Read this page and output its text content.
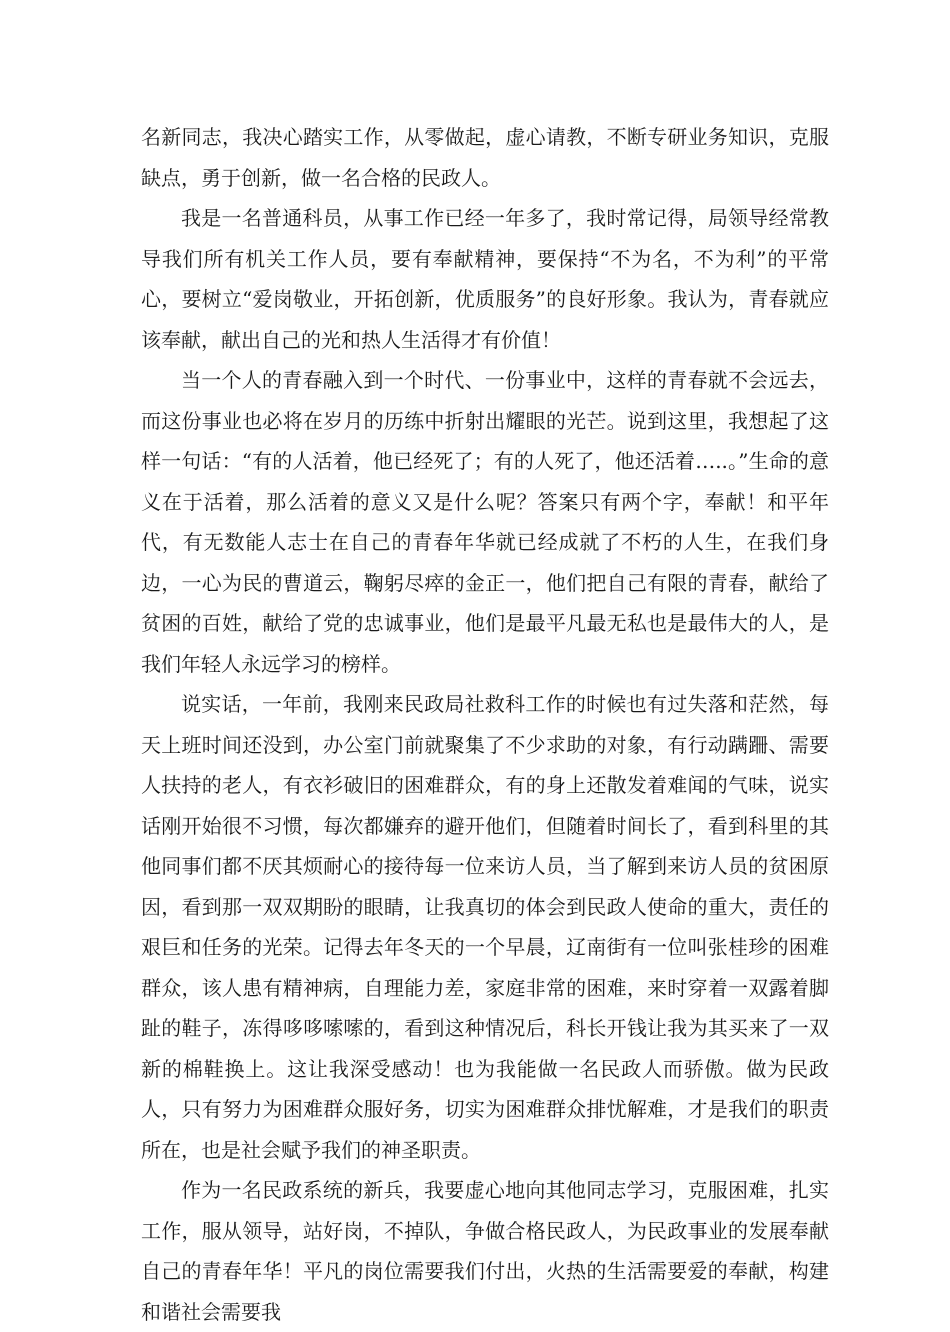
名新同志，我决心踏实工作，从零做起，虚心请教，不断专研业务知识，克服缺点，勇于创新，做一名合格的民政人。

我是一名普通科员，从事工作已经一年多了，我时常记得，局领导经常教导我们所有机关工作人员，要有奉献精神，要保持“不为名，不为利”的平常心，要树立“爱岗敬业，开拓创新，优质服务”的良好形象。我认为，青春就应该奉献，献出自己的光和热人生活得才有价值！

当一个人的青春融入到一个时代、一份事业中，这样的青春就不会远去，而这份事业也必将在岁月的历练中折射出耀眼的光芒。说到这里，我想起了这样一句话：“有的人活着，他已经死了；有的人死了，他还活着…..。”生命的意义在于活着，那么活着的意义又是什么呢？答案只有两个字，奉献！和平年代，有无数能人志士在自己的青春年华就已经成就了不朽的人生，在我们身边，一心为民的曹道云，鞠躬尽瘁的金正一，他们把自己有限的青春，献给了贫困的百姓，献给了党的忠诚事业，他们是最平凡最无私也是最伟大的人，是我们年轻人永远学习的榜样。

说实话，一年前，我刚来民政局社救科工作的时候也有过失落和茫然，每天上班时间还没到，办公室门前就聚集了不少求助的对象，有行动蹒跚、需要人扶持的老人，有衣衫破旧的困难群众，有的身上还散发着难闻的气味，说实话刚开始很不习惯，每次都嫌弃的避开他们，但随着时间长了，看到科里的其他同事们都不厌其烦耐心的接待每一位来访人员，当了解到来访人员的贫困原因，看到那一双双期盼的眼睛，让我真切的体会到民政人使命的重大，责任的艰巨和任务的光荣。记得去年冬天的一个早晨，辽南街有一位叫张桂珍的困难群众，该人患有精神病，自理能力差，家庭非常的困难，来时穿着一双露着脚趾的鞋子，冻得哆哆嗦嗦的，看到这种情况后，科长开钱让我为其买来了一双新的棉鞋换上。这让我深受感动！也为我能做一名民政人而骄傲。做为民政人，只有努力为困难群众服好务，切实为困难群众排忧解难，才是我们的职责所在，也是社会赋予我们的神圣职责。

作为一名民政系统的新兵，我要虚心地向其他同志学习，克服困难，扎实工作，服从领导，站好岗，不掉队，争做合格民政人，为民政事业的发展奉献自己的青春年华！平凡的岗位需要我们付出，火热的生活需要爱的奉献，构建和谐社会需要我
